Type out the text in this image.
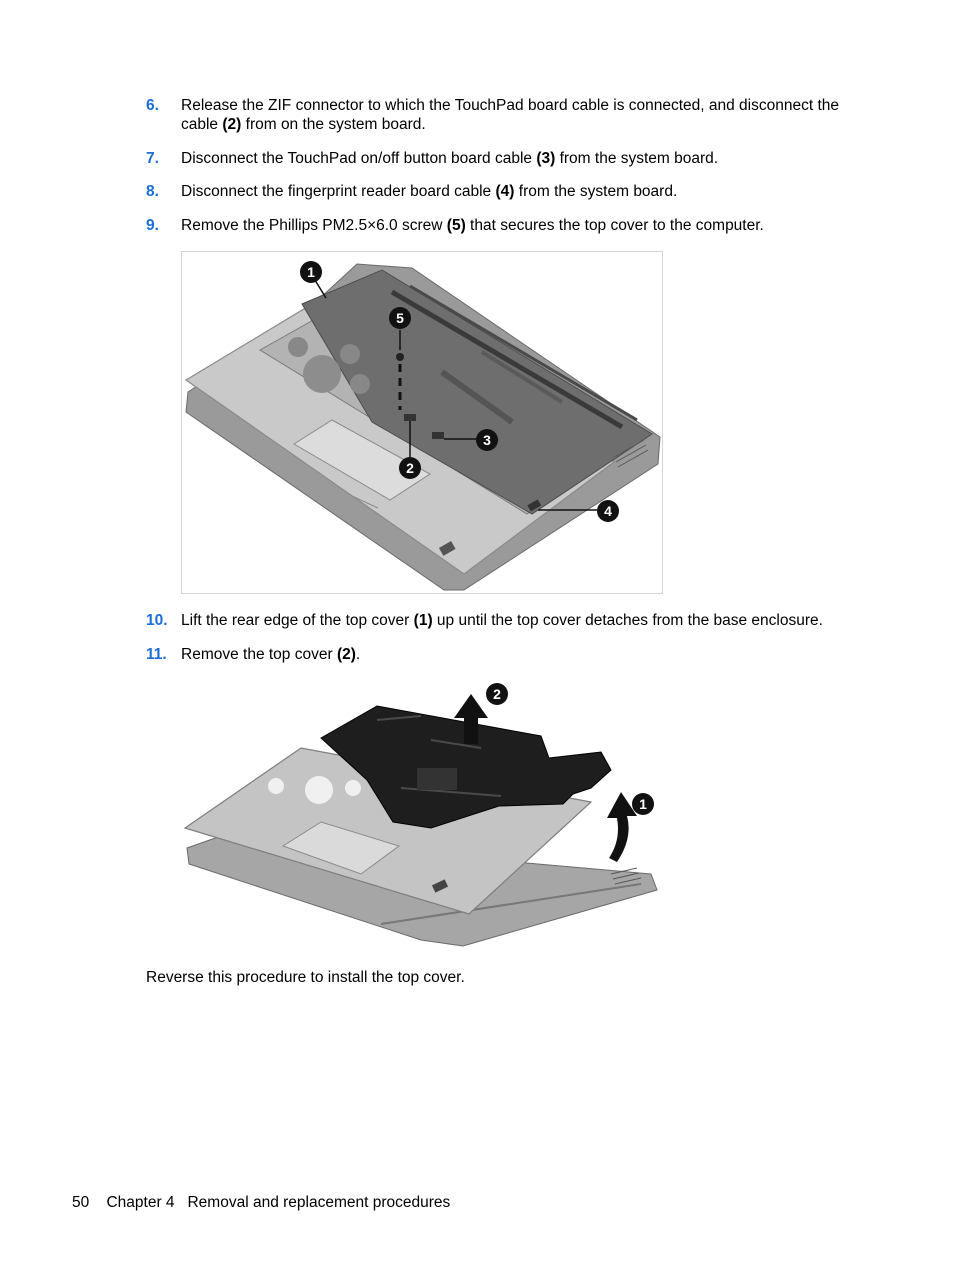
6. Release the ZIF connector to which the TouchPad board cable is connected, and disconnect the cable (2) from on the system board.
7. Disconnect the TouchPad on/off button board cable (3) from the system board.
8. Disconnect the fingerprint reader board cable (4) from the system board.
9. Remove the Phillips PM2.5×6.0 screw (5) that secures the top cover to the computer.
1
5
2
3
4
10. Lift the rear edge of the top cover (1) up until the top cover detaches from the base enclosure.
11. Remove the top cover (2).
2
1
Reverse this procedure to install the top cover.
50 Chapter 4 Removal and replacement procedures
